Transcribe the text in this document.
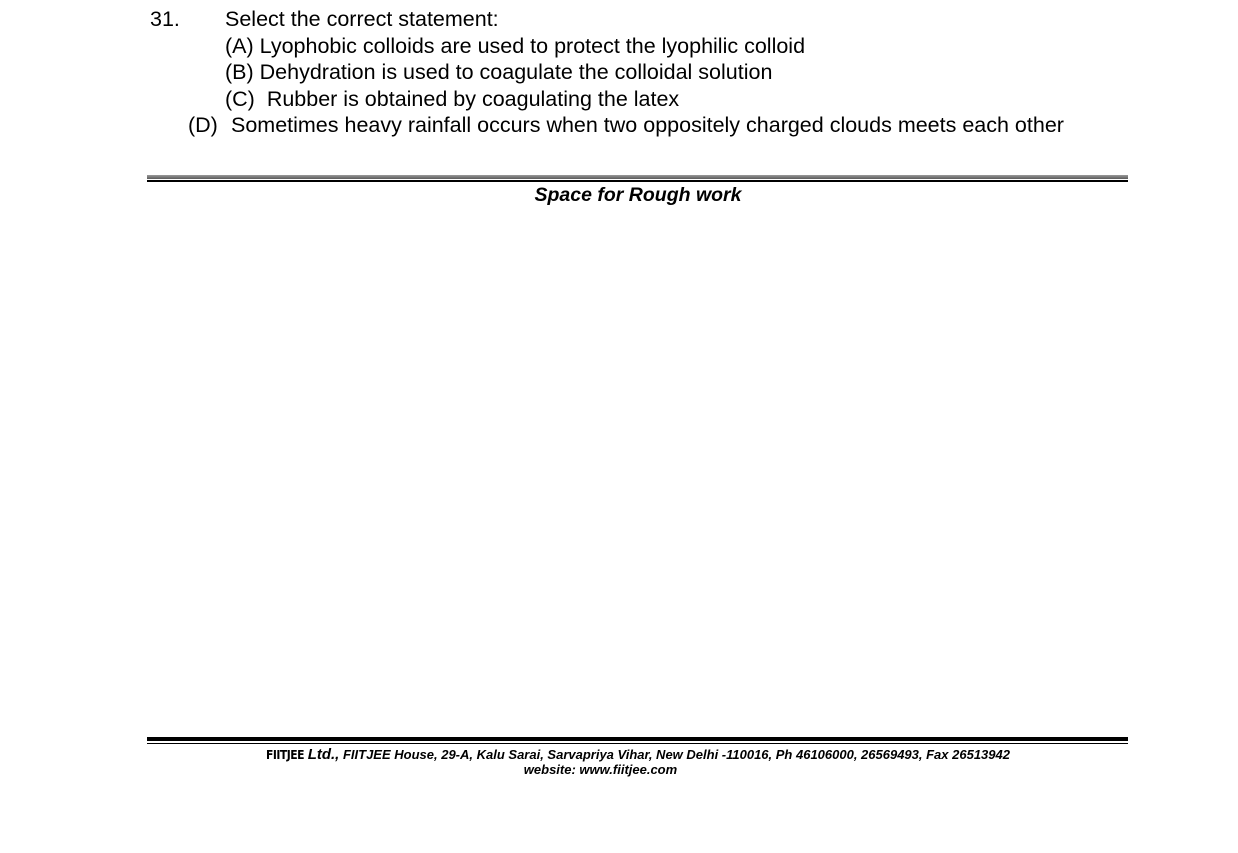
31. Select the correct statement:
(A) Lyophobic colloids are used to protect the lyophilic colloid
(B) Dehydration is used to coagulate the colloidal solution
(C) Rubber is obtained by coagulating the latex
(D) Sometimes heavy rainfall occurs when two oppositely charged clouds meets each other
Space for Rough work
FIITJEE Ltd., FIITJEE House, 29-A, Kalu Sarai, Sarvapriya Vihar, New Delhi -110016, Ph 46106000, 26569493, Fax 26513942
website: www.fiitjee.com
